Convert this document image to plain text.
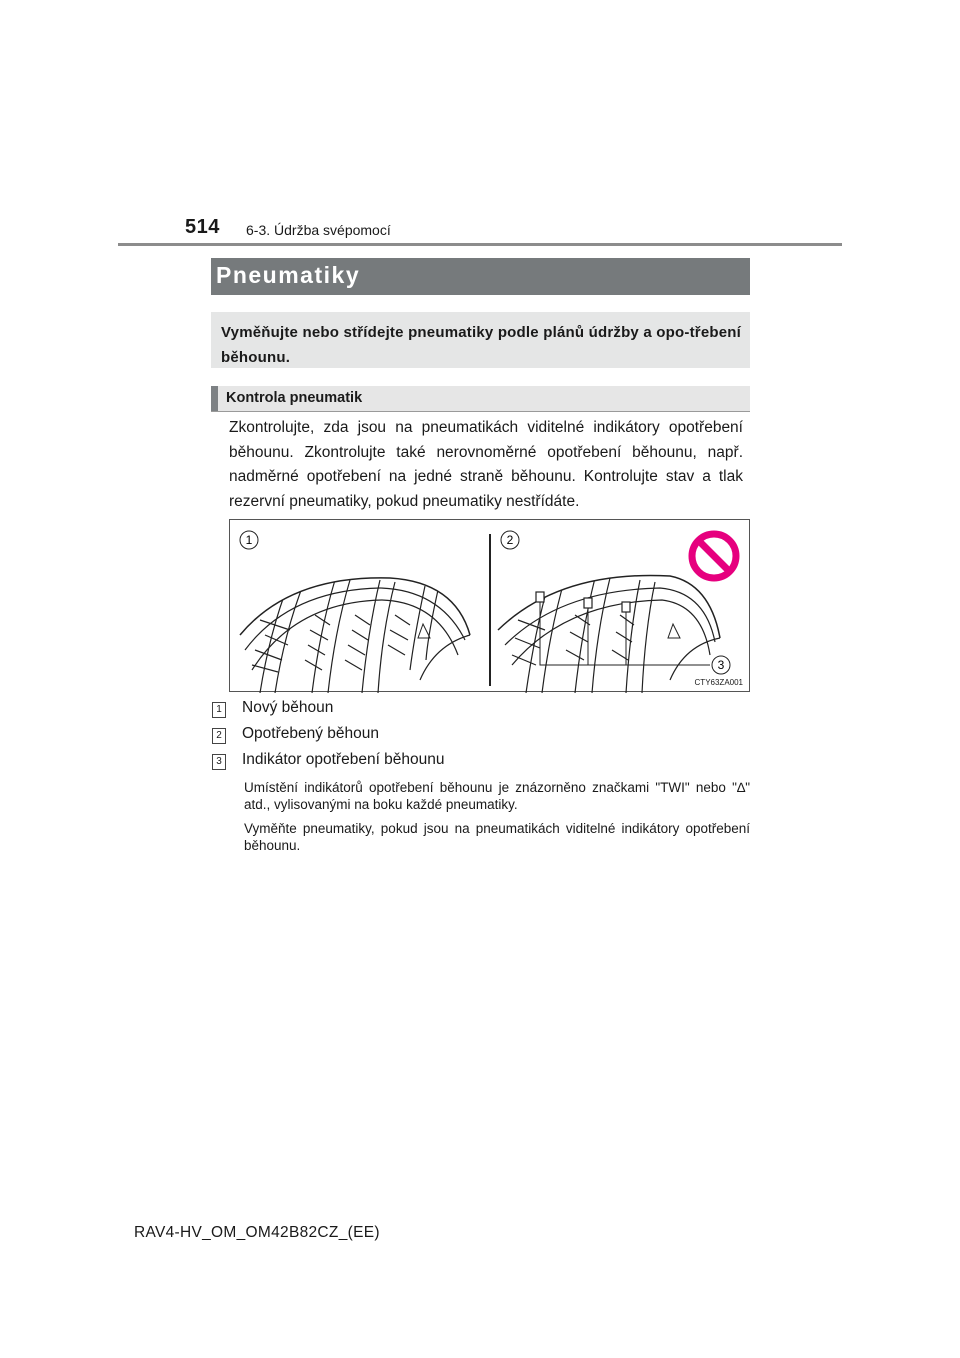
514 6-3. Údržba svépomocí
Pneumatiky
Vyměňujte nebo střídejte pneumatiky podle plánů údržby a opo-třebení běhounu.
Kontrola pneumatik
Zkontrolujte, zda jsou na pneumatikách viditelné indikátory opotřebení běhounu. Zkontrolujte také nerovnoměrné opotřebení běhounu, např. nadměrné opotřebení na jedné straně běhounu. Kontrolujte stav a tlak rezervní pneumatiky, pokud pneumatiky nestřídáte.
1	2
3
CTY63ZA001
1 Nový běhoun
2 Opotřebený běhoun
3 Indikátor opotřebení běhounu
Umístění indikátorů opotřebení běhounu je znázorněno značkami "TWI" nebo "∆" atd., vylisovanými na boku každé pneumatiky.
Vyměňte pneumatiky, pokud jsou na pneumatikách viditelné indikátory opotřebení běhounu.
RAV4-HV_OM_OM42B82CZ_(EE)
